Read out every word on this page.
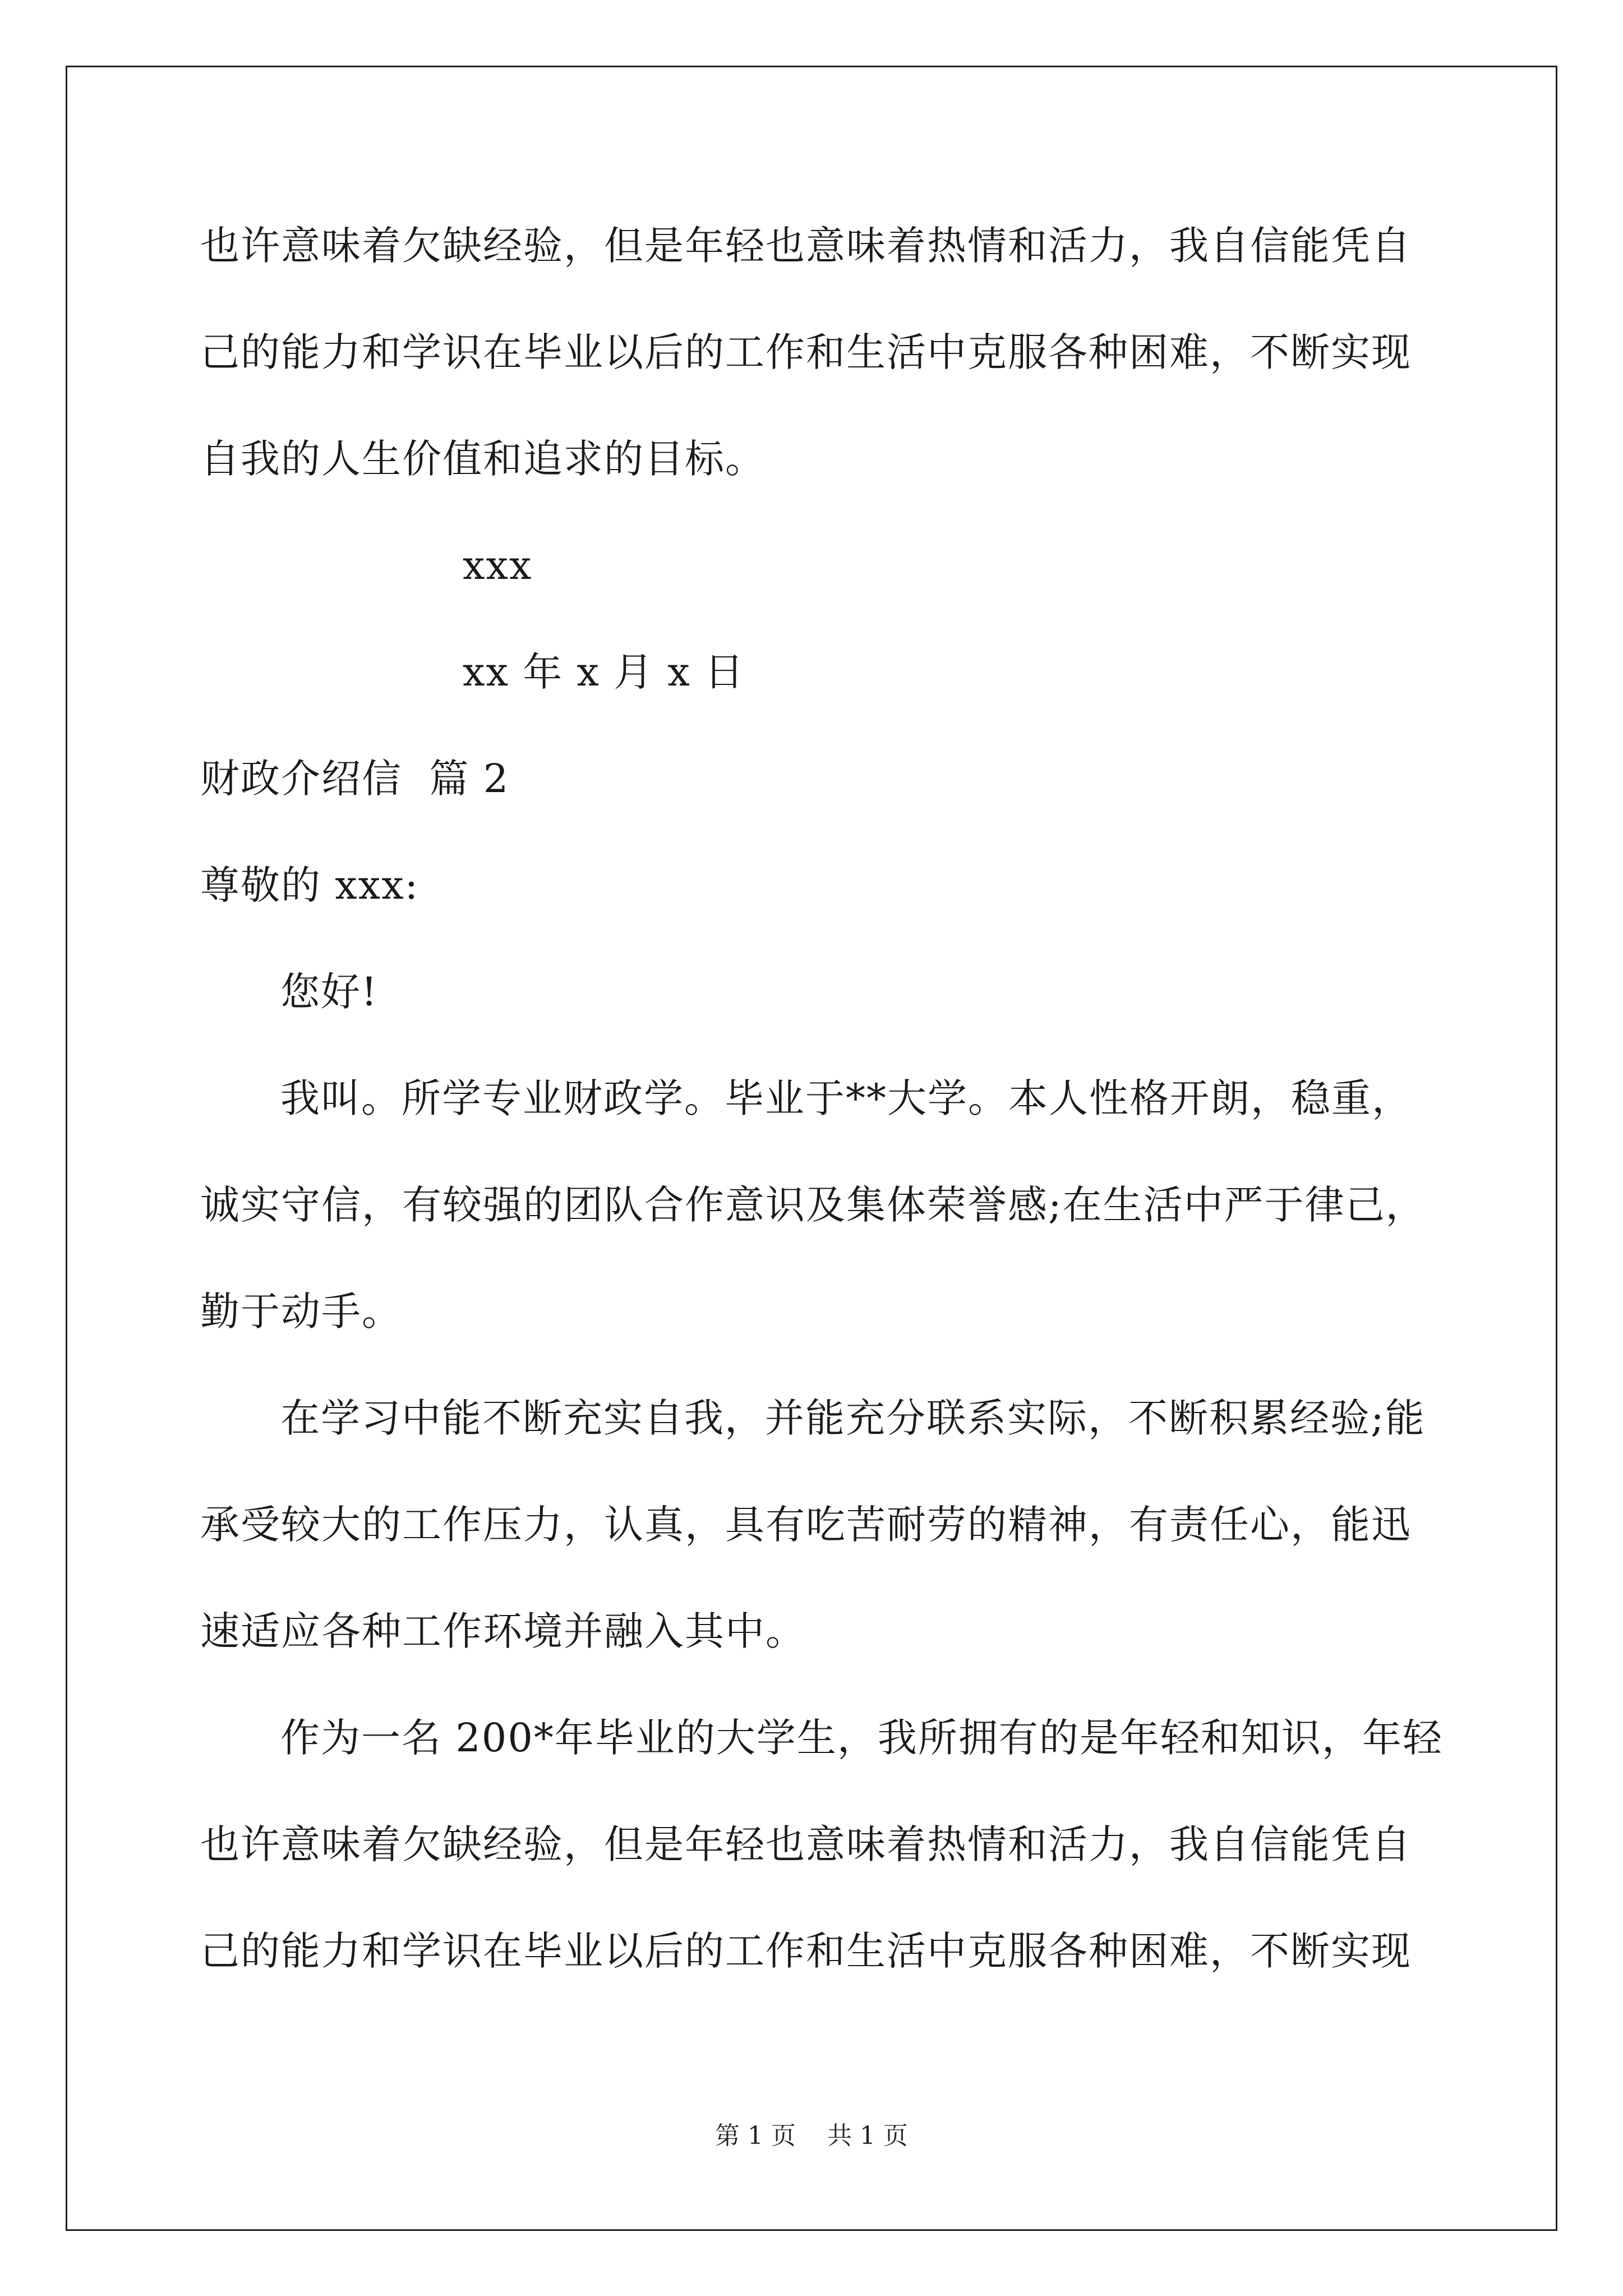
也许意味着欠缺经验，但是年轻也意味着热情和活力，我自信能凭自
己的能力和学识在毕业以后的工作和生活中克服各种困难，不断实现
自我的人生价值和追求的目标。
xxx
xx 年 x 月 x 日
财政介绍信  篇 2
尊敬的 xxx:
您好!
我叫。所学专业财政学。毕业于**大学。本人性格开朗，稳重，
诚实守信，有较强的团队合作意识及集体荣誉感;在生活中严于律己，
勤于动手。
在学习中能不断充实自我，并能充分联系实际，不断积累经验;能
承受较大的工作压力，认真，具有吃苦耐劳的精神，有责任心，能迅
速适应各种工作环境并融入其中。
作为一名 200*年毕业的大学生，我所拥有的是年轻和知识，年轻
也许意味着欠缺经验，但是年轻也意味着热情和活力，我自信能凭自
己的能力和学识在毕业以后的工作和生活中克服各种困难，不断实现
第 1 页    共 1 页
